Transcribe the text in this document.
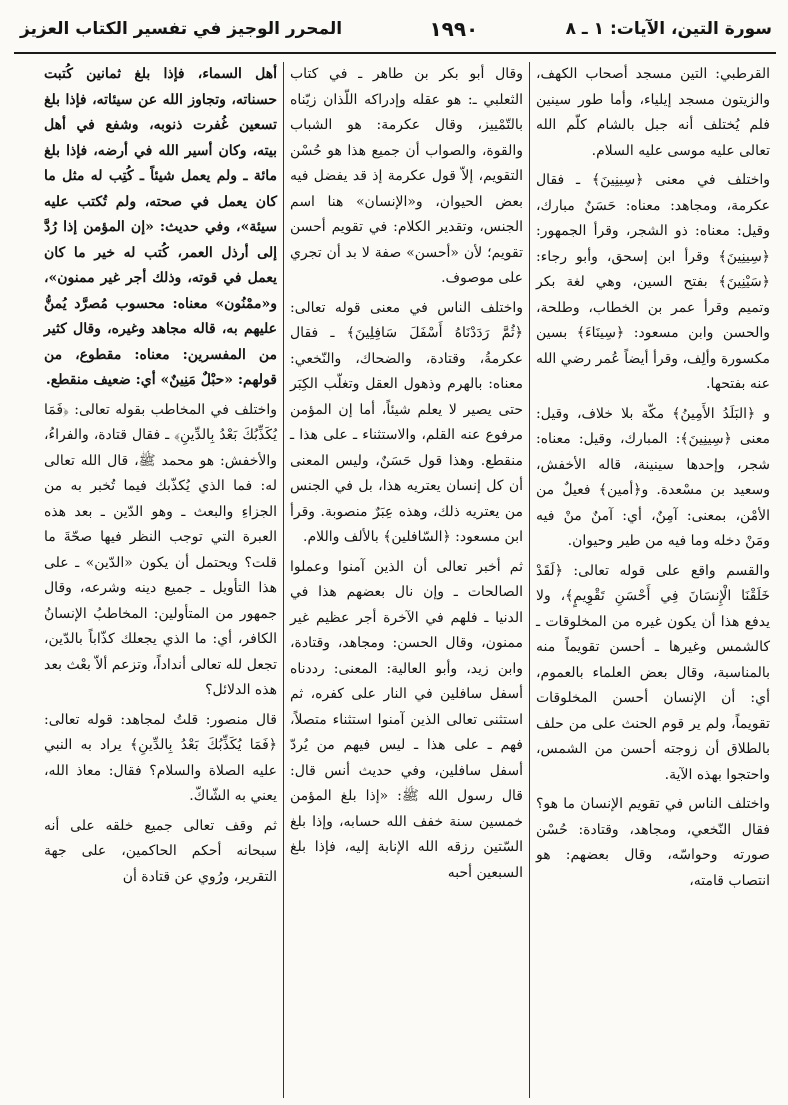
سورة التين، الآيات: ١ ـ ٨
١٩٩٠
المحرر الوجيز في تفسير الكتاب العزيز

القرطبي: التين مسجد أصحاب الكهف، والزيتون مسجد إيلياء، وأما طور سينين فلم يُختلف أنه جبل بالشام كلّم الله تعالى عليه موسى عليه السلام.

واختلف في معنى ﴿سِينِينَ﴾ ـ فقال عكرمة، ومجاهد: معناه: حَسَنٌ مبارك، وقيل: معناه: ذو الشجر، وقرأ الجمهور: ﴿سِينِينَ﴾ وقرأ ابن إسحق، وأبو رجاء: ﴿سَيْنِينَ﴾ بفتح السين، وهي لغة بكر وتميم وقرأ عمر بن الخطاب، وطلحة، والحسن وابن مسعود: ﴿سِينَاءَ﴾ بسين مكسورة وألِف، وقرأ أيضاً عُمر رضي الله عنه بفتحها.

و ﴿البَلَدُ الأَمِينُ﴾ مكّة بلا خلاف، وقيل: معنى ﴿سِينِينَ﴾: المبارك، وقيل: معناه: شجر، وإحدها سينينة، قاله الأخفش، وسعيد بن مسْعدة. و﴿أمين﴾ فعيلٌ من الأمْن، بمعنى: آمِنٌ، أي: آمنٌ منْ فيه ومَنْ دخله وما فيه من طير وحيوان.

والقسم واقع على قوله تعالى: ﴿لَقَدْ خَلَقْنَا الْإِنسَانَ فِي أَحْسَنِ تَقْوِيمٍ﴾، ولا يدفع هذا أن يكون غيره من المخلوقات ـ كالشمس وغيرها ـ أحسن تقويماً منه بالمناسبة، وقال بعض العلماء بالعموم، أي: أن الإنسان أحسن المخلوقات تقويماً، ولم ير قوم الحنث على من حلف بالطلاق أن زوجته أحسن من الشمس، واحتجوا بهذه الآية.

واختلف الناس في تقويم الإنسان ما هو؟ فقال النّخعي، ومجاهد، وقتادة: حُسْن صورته وحواسّه، وقال بعضهم: هو انتصاب قامته،

وقال أبو بكر بن طاهر ـ في كتاب الثعلبي ـ: هو عقله وإدراكه اللّذان زيّناه بالتّمْييز، وقال عكرمة: هو الشباب والقوة، والصواب أن جميع هذا هو حُسْن التقويم، إلاّ قول عكرمة إذ قد يفضل فيه بعض الحيوان، و«الإنسان» هنا اسم الجنس، وتقدير الكلام: في تقويم أحسن تقويم؛ لأن «أحسن» صفة لا بد أن تجري على موصوف.

واختلف الناس في معنى قوله تعالى: ﴿ثُمَّ رَدَدْنَاهُ أَسْفَلَ سَافِلِينَ﴾ ـ فقال عكرمةُ، وقتادة، والضحاك، والنّخعي: معناه: بالهرم وذهول العقل وتغلّب الكِبَر حتى يصير لا يعلم شيئاً، أما إن المؤمن مرفوع عنه القلم، والاستثناء ـ على هذا ـ منقطع. وهذا قول حَسَنٌ، وليس المعنى أن كل إنسان يعتريه هذا، بل في الجنس من يعتريه ذلك، وهذه عِبَرٌ منصوبة. وقرأ ابن مسعود: ﴿السّافلين﴾ بالألف واللام.

ثم أخبر تعالى أن الذين آمنوا وعملوا الصالحات ـ وإن نال بعضهم هذا في الدنيا ـ فلهم في الآخرة أجر عظيم غير ممنون، وقال الحسن: ومجاهد، وقتادة، وابن زيد، وأبو العالية: المعنى: رددناه أسفل سافلين في النار على كفره، ثم استثنى تعالى الذين آمنوا استثناء متصلاً، فهم ـ على هذا ـ ليس فيهم من يُردّ أسفل سافلين، وفي حديث أنس قال: قال رسول الله ﷺ: «إذا بلغ المؤمن خمسين سنة خفف الله حسابه، وإذا بلغ السّتين رزقه الله الإنابة إليه، فإذا بلغ السبعين أحبه

أهل السماء، فإذا بلغ ثمانين كُتبت حسناته، وتجاوز الله عن سيئاته، فإذا بلغ تسعين غُفرت ذنوبه، وشفع في أهل بيته، وكان أسير الله في أرضه، فإذا بلغ مائة ـ ولم يعمل شيئاً ـ كُتِب له مثل ما كان يعمل في صحته، ولم تُكتب عليه سيئة»، وفي حديث: «إن المؤمن إذا رُدَّ إلى أرذل العمر، كُتب له خير ما كان يعمل في قوته، وذلك أجر غير ممنون»، و«ممْنُون» معناه: محسوب مُصرَّد يُمنُّ عليهم به، قاله مجاهد وغيره، وقال كثير من المفسرين: معناه: مقطوع، من قولهم: «حبْلٌ مَنِينٌ» أي: ضعيف منقطع.

واختلف في المخاطب بقوله تعالى: ﴿فَمَا يُكَذِّبُكَ بَعْدُ بِالدِّينِ﴾ ـ فقال قتادة، والفراءُ، والأخفش: هو محمد ﷺ، قال الله تعالى له: فما الذي يُكذّبك فيما تُخبر به من الجزاءِ والبعث ـ وهو الدّين ـ بعد هذه العبرة التي توجب النظر فيها صحّةَ ما قلت؟ ويحتمل أن يكون «الدّين» ـ على هذا التأويل ـ جميع دينه وشرعه، وقال جمهور من المتأولين: المخاطبُ الإنسانُ الكافر، أي: ما الذي يجعلك كذّاباً بالدّين، تجعل لله تعالى أنداداً، وتزعم ألاّ بعْث بعد هذه الدلائل؟

قال منصور: قلتُ لمجاهد: قوله تعالى: ﴿فَمَا يُكَذِّبُكَ بَعْدُ بِالدِّينِ﴾ يراد به النبي عليه الصلاة والسلام؟ فقال: معاذ الله، يعني به الشّاكّ.

ثم وقف تعالى جميع خلقه على أنه سبحانه أحكم الحاكمين، على جهة التقرير، ورُوي عن قتادة أن
